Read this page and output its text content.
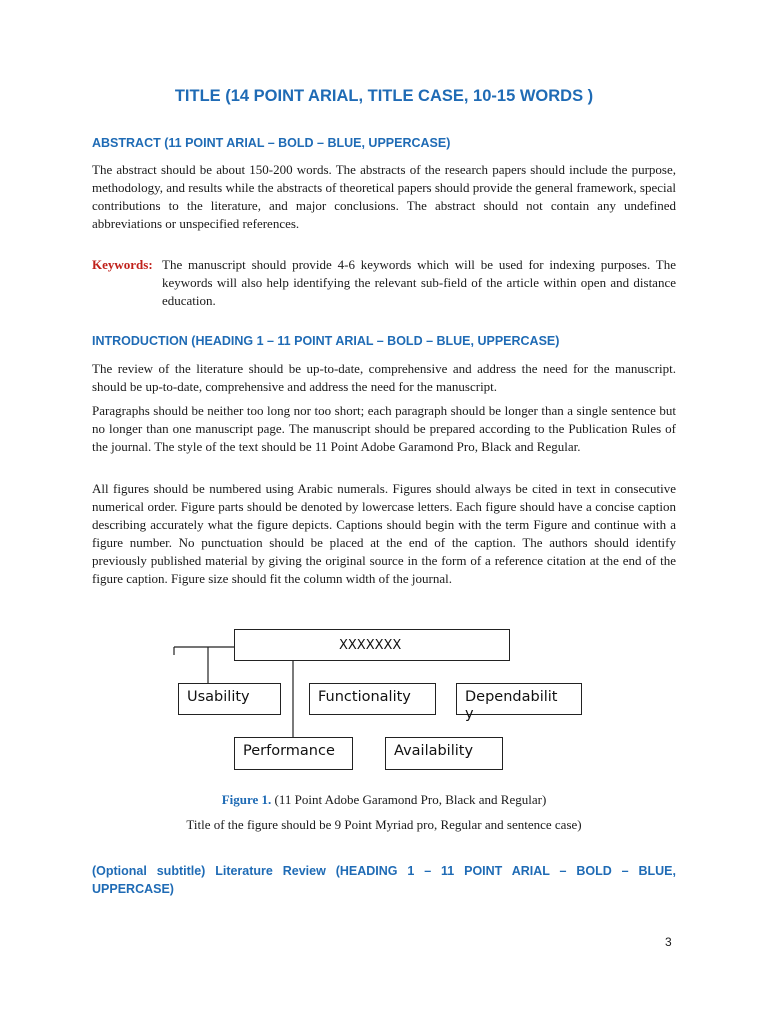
TITLE (14 POINT ARIAL, TITLE CASE, 10-15 WORDS )
ABSTRACT (11 POINT ARIAL – BOLD – BLUE, UPPERCASE)
The abstract should be about 150-200 words. The abstracts of the research papers should include the purpose, methodology, and results while the abstracts of theoretical papers should provide the general framework, special contributions to the literature, and major conclusions. The abstract should not contain any undefined abbreviations or unspecified references.
Keywords: The manuscript should provide 4-6 keywords which will be used for indexing purposes. The keywords will also help identifying the relevant sub-field of the article within open and distance education.
INTRODUCTION (HEADING 1 – 11 POINT ARIAL – BOLD – BLUE, UPPERCASE)
The review of the literature should be up-to-date, comprehensive and address the need for the manuscript. should be up-to-date, comprehensive and address the need for the manuscript.
Paragraphs should be neither too long nor too short; each paragraph should be longer than a single sentence but no longer than one manuscript page. The manuscript should be prepared according to the Publication Rules of the journal. The style of the text should be 11 Point Adobe Garamond Pro, Black and Regular.
All figures should be numbered using Arabic numerals. Figures should always be cited in text in consecutive numerical order. Figure parts should be denoted by lowercase letters. Each figure should have a concise caption describing accurately what the figure depicts. Captions should begin with the term Figure and continue with a figure number. No punctuation should be placed at the end of the caption. The authors should identify previously published material by giving the original source in the form of a reference citation at the end of the figure caption. Figure size should fit the column width of the journal.
XXXXXXX
Usability	Functionality	Dependabilit
y
Performance	Availability
Figure 1. (11 Point Adobe Garamond Pro, Black and Regular)
Title of the figure should be 9 Point Myriad pro, Regular and sentence case)
(Optional subtitle) Literature Review (HEADING 1 – 11 POINT ARIAL – BOLD – BLUE, UPPERCASE)
3
